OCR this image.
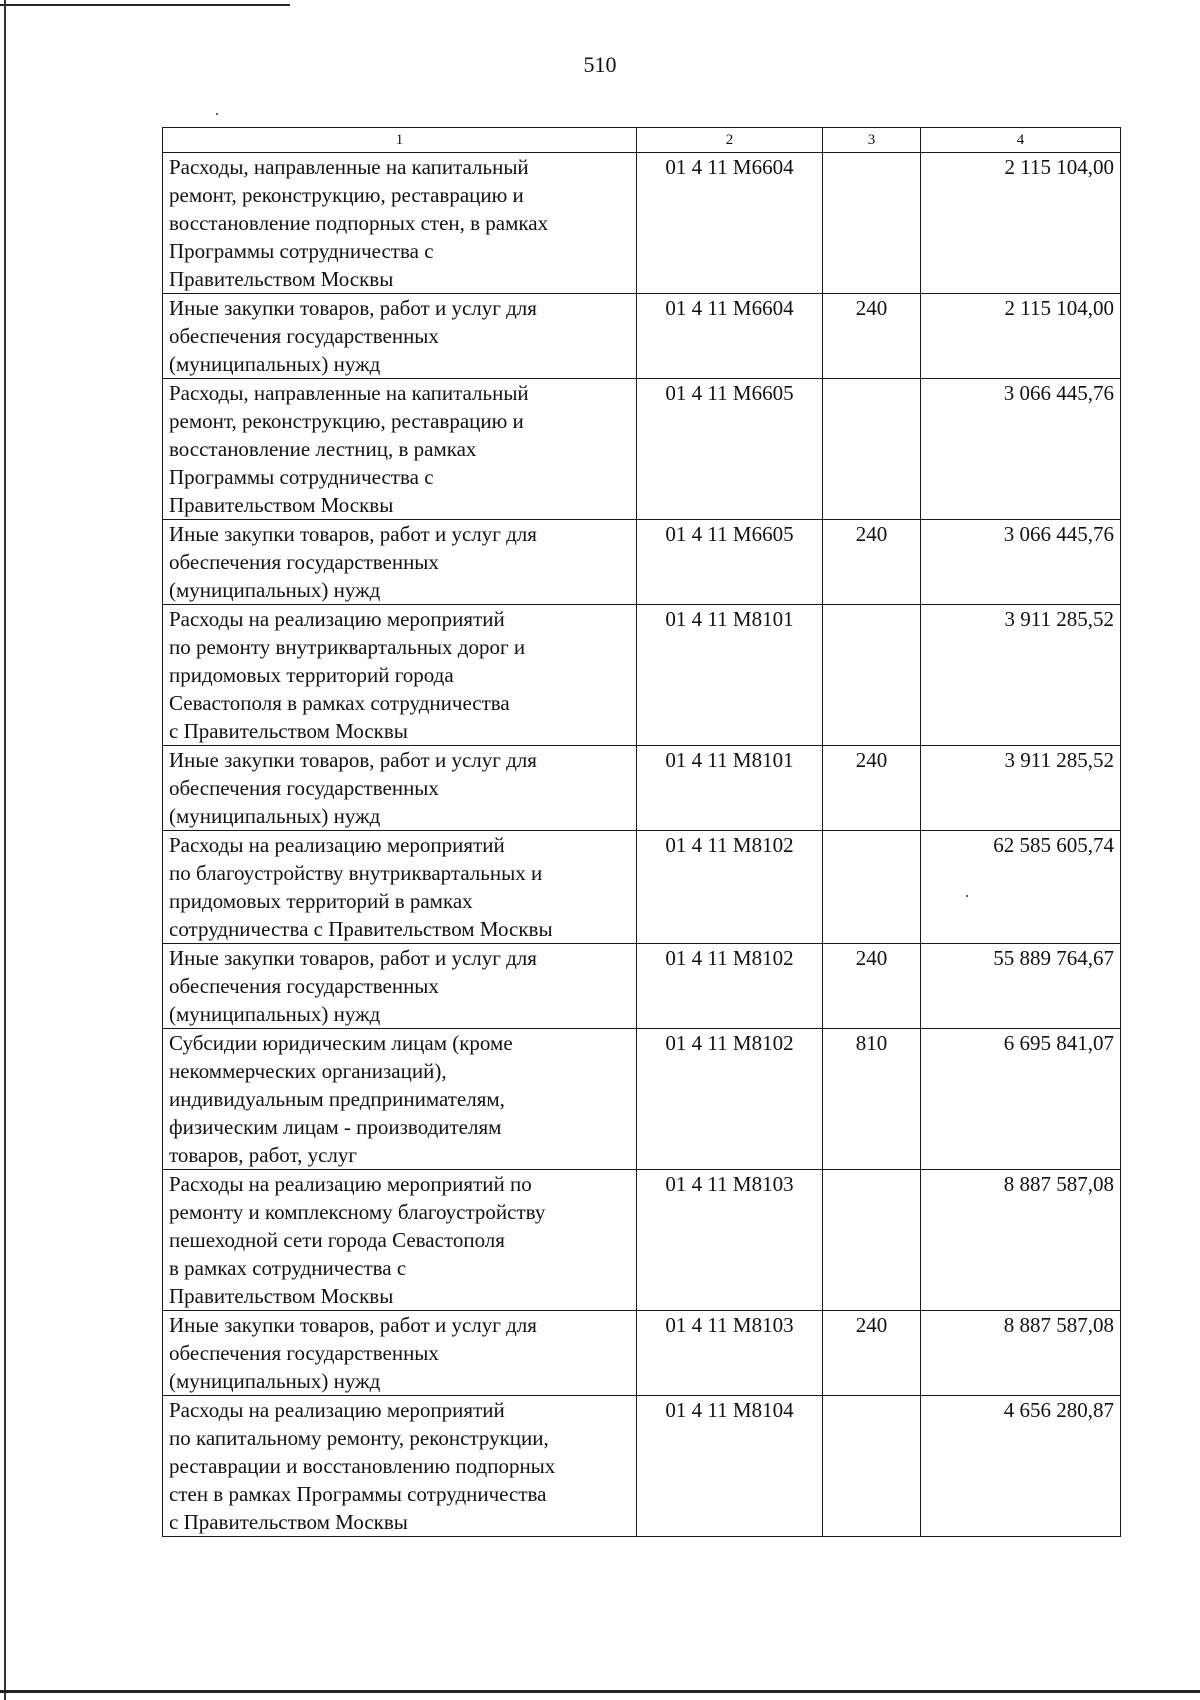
510
1	2	3	4

Расходы, направленные на капитальный
ремонт, реконструкцию, реставрацию и
восстановление подпорных стен, в рамках
Программы сотрудничества с
Правительством Москвы	01 4 11 М6604		2 115 104,00

Иные закупки товаров, работ и услуг для
обеспечения государственных
(муниципальных) нужд	01 4 11 М6604	240	2 115 104,00

Расходы, направленные на капитальный
ремонт, реконструкцию, реставрацию и
восстановление лестниц, в рамках
Программы сотрудничества с
Правительством Москвы	01 4 11 М6605		3 066 445,76

Иные закупки товаров, работ и услуг для
обеспечения государственных
(муниципальных) нужд	01 4 11 М6605	240	3 066 445,76

Расходы на реализацию мероприятий
по ремонту внутриквартальных дорог и
придомовых территорий города
Севастополя в рамках сотрудничества
с Правительством Москвы	01 4 11 М8101		3 911 285,52

Иные закупки товаров, работ и услуг для
обеспечения государственных
(муниципальных) нужд	01 4 11 М8101	240	3 911 285,52

Расходы на реализацию мероприятий
по благоустройству внутриквартальных и
придомовых территорий в рамках
сотрудничества с Правительством Москвы	01 4 11 М8102		62 585 605,74

Иные закупки товаров, работ и услуг для
обеспечения государственных
(муниципальных) нужд	01 4 11 М8102	240	55 889 764,67

Субсидии юридическим лицам (кроме
некоммерческих организаций),
индивидуальным предпринимателям,
физическим лицам - производителям
товаров, работ, услуг	01 4 11 М8102	810	6 695 841,07

Расходы на реализацию мероприятий по
ремонту и комплексному благоустройству
пешеходной сети города Севастополя
в рамках сотрудничества с
Правительством Москвы	01 4 11 М8103		8 887 587,08

Иные закупки товаров, работ и услуг для
обеспечения государственных
(муниципальных) нужд	01 4 11 М8103	240	8 887 587,08

Расходы на реализацию мероприятий
по капитальному ремонту, реконструкции,
реставрации и восстановлению подпорных
стен в рамках Программы сотрудничества
с Правительством Москвы	01 4 11 М8104		4 656 280,87
